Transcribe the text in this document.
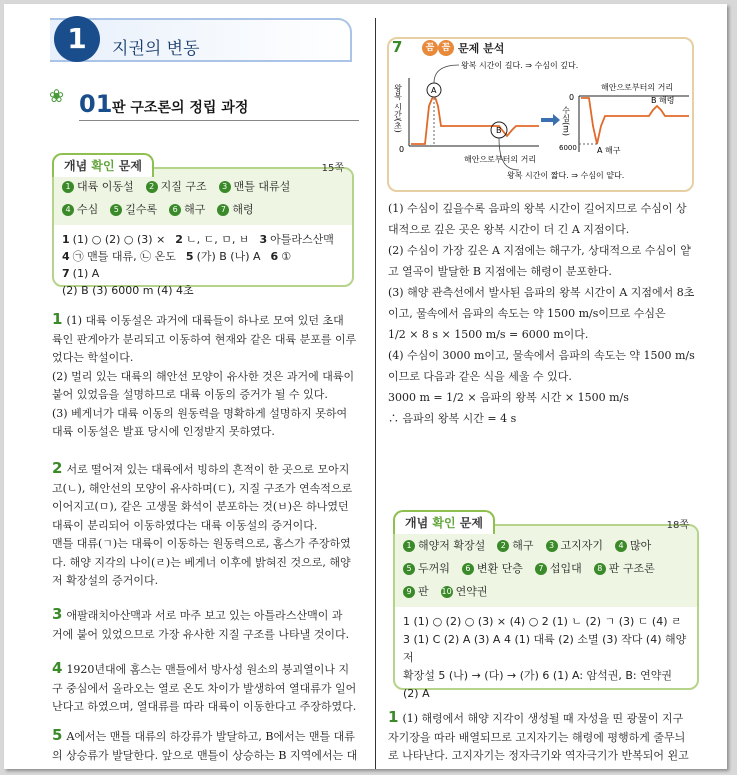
1	지권의 변동
❀ 01 판 구조론의 정립 과정
개념 확인 문제	15쪽
1 대륙 이동설 2 지질 구조 3 맨틀 대류설4 수심 5 길수록 6 해구 7 해령
1 (1) ○ (2) ○ (3) × 2 ㄴ, ㄷ, ㅁ, ㅂ 3 아틀라스산맥
4 ㉠ 맨틀 대류, ㉡ 온도 5 (가) B (나) A 6 ①7 (1) A
(2) B (3) 6000 m (4) 4초
1 (1) 대륙 이동설은 과거에 대륙들이 하나로 모여 있던 초대
륙인 판게아가 분리되고 이동하여 현재와 같은 대륙 분포를 이루
었다는 학설이다.
(2) 멀리 있는 대륙의 해안선 모양이 유사한 것은 과거에 대륙이
붙어 있었음을 설명하므로 대륙 이동의 증거가 될 수 있다.
(3) 베게너가 대륙 이동의 원동력을 명확하게 설명하지 못하여
대륙 이동설은 발표 당시에 인정받지 못하였다.
2 서로 떨어져 있는 대륙에서 빙하의 흔적이 한 곳으로 모아지
고(ㄴ), 해안선의 모양이 유사하며(ㄷ), 지질 구조가 연속적으로
이어지고(ㅁ), 같은 고생물 화석이 분포하는 것(ㅂ)은 하나였던
대륙이 분리되어 이동하였다는 대륙 이동설의 증거이다.
맨틀 대류(ㄱ)는 대륙이 이동하는 원동력으로, 홈스가 주장하였
다. 해양 지각의 나이(ㄹ)는 베게너 이후에 밝혀진 것으로, 해양
저 확장설의 증거이다.
3 애팔래치아산맥과 서로 마주 보고 있는 아틀라스산맥이 과
거에 붙어 있었으므로 가장 유사한 지질 구조를 나타낼 것이다.
4 1920년대에 홈스는 맨틀에서 방사성 원소의 붕괴열이나 지
구 중심에서 올라오는 열로 온도 차이가 발생하여 열대류가 일어
난다고 하였으며, 열대류를 따라 대륙이 이동한다고 주장하였다.
5 A에서는 맨틀 대류의 하강류가 발달하고, B에서는 맨틀 대류
의 상승류가 발달한다. 앞으로 맨틀이 상승하는 B 지역에서는 대
7	꼼 꼼 문제 분석
0
왕복 시간(초)
해안으로부터의 거리
A
B
왕복 시간이 길다. ⇒ 수심이 깊다.
왕복 시간이 짧다. ⇒ 수심이 얕다.
0
6000
수심(m)
해안으로부터의 거리
A 해구
B 해령
(1) 수심이 깊을수록 음파의 왕복 시간이 길어지므로 수심이 상
대적으로 깊은 곳은 왕복 시간이 더 긴 A 지점이다.
(2) 수심이 가장 깊은 A 지점에는 해구가, 상대적으로 수심이 얕
고 열곡이 발달한 B 지점에는 해령이 분포한다.
(3) 해양 관측선에서 발사된 음파의 왕복 시간이 A 지점에서 8초
이고, 물속에서 음파의 속도는 약 1500 m/s이므로 수심은
1/2 × 8 s × 1500 m/s = 6000 m이다.
(4) 수심이 3000 m이고, 물속에서 음파의 속도는 약 1500 m/s
이므로 다음과 같은 식을 세울 수 있다.
3000 m = 1/2 × 음파의 왕복 시간 × 1500 m/s
∴ 음파의 왕복 시간 = 4 s
개념 확인 문제	18쪽
1 해양저 확장설 2 해구 3 고지자기 4 많아5 두꺼워 6 변환 단층 7 섭입대 8 판 구조론9 판 10 연약권
1 (1) ○ (2) ○ (3) × (4) ○ 2 (1) ㄴ (2) ㄱ (3) ㄷ (4) ㄹ
3 (1) C (2) A (3) A 4 (1) 대륙 (2) 소멸 (3) 작다 (4) 해양저
확장설 5 (나) → (다) → (가) 6 (1) A: 암석권, B: 연약권
(2) A
1 (1) 해령에서 해양 지각이 생성될 때 자성을 띤 광물이 지구
자기장을 따라 배열되므로 고지자기는 해령에 평행하게 줄무늬
로 나타난다. 고지자기는 정자극기와 역자극기가 반복되어 왼고
